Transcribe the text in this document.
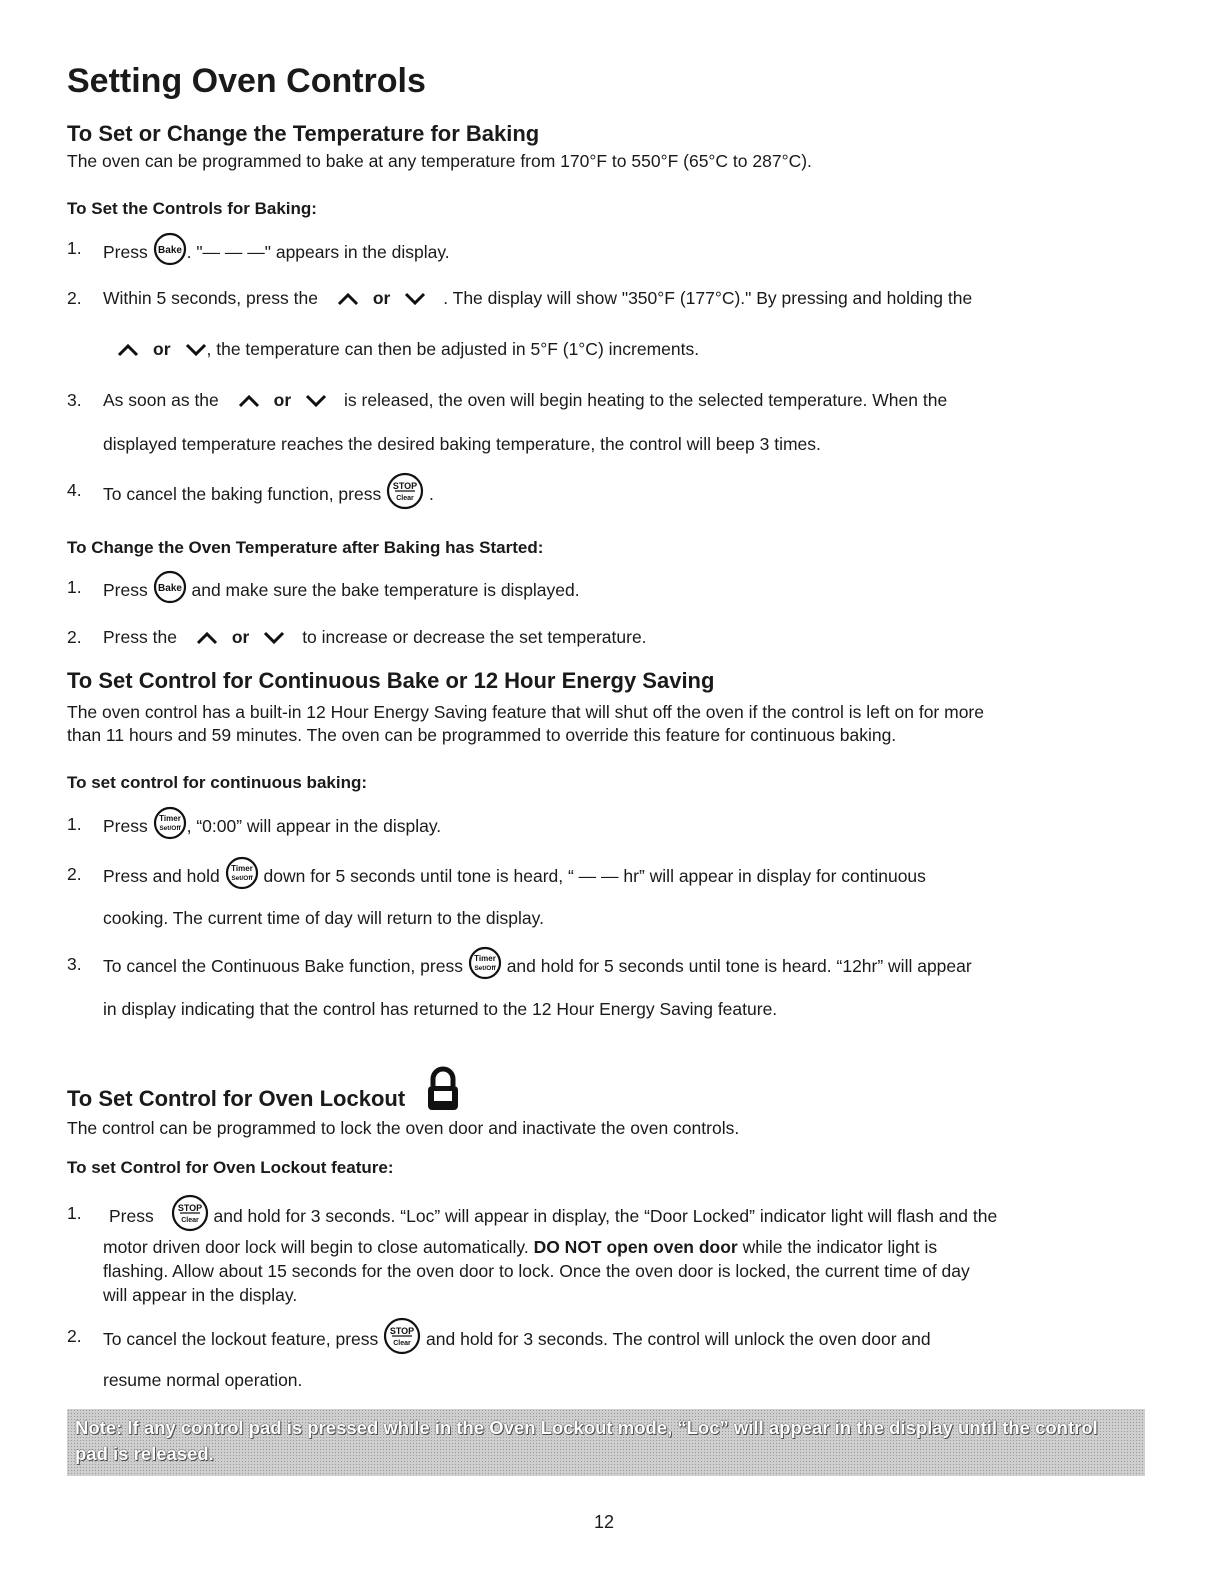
Setting Oven Controls
To Set or Change the Temperature for Baking
The oven can be programmed to bake at any temperature from 170°F to 550°F (65°C to 287°C).
To Set the Controls for Baking:
1. Press Bake . "— — —" appears in the display.
2. Within 5 seconds, press the	or	. The display will show "350°F (177°C)." By pressing and holding the
or , the temperature can then be adjusted in 5°F (1°C) increments.
3. As soon as the	or	is released, the oven will begin heating to the selected temperature. When the
displayed temperature reaches the desired baking temperature, the control will beep 3 times.
4. To cancel the baking function, press STOP
Clear .
To Change the Oven Temperature after Baking has Started:
1. Press Bake and make sure the bake temperature is displayed.
2. Press the	or	to increase or decrease the set temperature.
To Set Control for Continuous Bake or 12 Hour Energy Saving
The oven control has a built-in 12 Hour Energy Saving feature that will shut off the oven if the control is left on for more
than 11 hours and 59 minutes. The oven can be programmed to override this feature for continuous baking.
To set control for continuous baking:
1. Press Timer
Set/Off , “0:00” will appear in the display.
2. Press and hold Timer
Set/Off down for 5 seconds until tone is heard, “ — — hr” will appear in display for continuous
cooking. The current time of day will return to the display.
3. To cancel the Continuous Bake function, press Timer
Set/Off and hold for 5 seconds until tone is heard. “12hr” will appear
in display indicating that the control has returned to the 12 Hour Energy Saving feature.
To Set Control for Oven Lockout
The control can be programmed to lock the oven door and inactivate the oven controls.
To set Control for Oven Lockout feature:
1. Press	STOP
Clear and hold for 3 seconds. “Loc” will appear in display, the “Door Locked” indicator light will flash and the
motor driven door lock will begin to close automatically. DO NOT open oven door while the indicator light is
flashing. Allow about 15 seconds for the oven door to lock. Once the oven door is locked, the current time of day
will appear in the display.
2. To cancel the lockout feature, press STOP
Clear and hold for 3 seconds. The control will unlock the oven door and
resume normal operation.
Note: If any control pad is pressed while in the Oven Lockout mode, “Loc” will appear in the display until the control pad is released.
12
